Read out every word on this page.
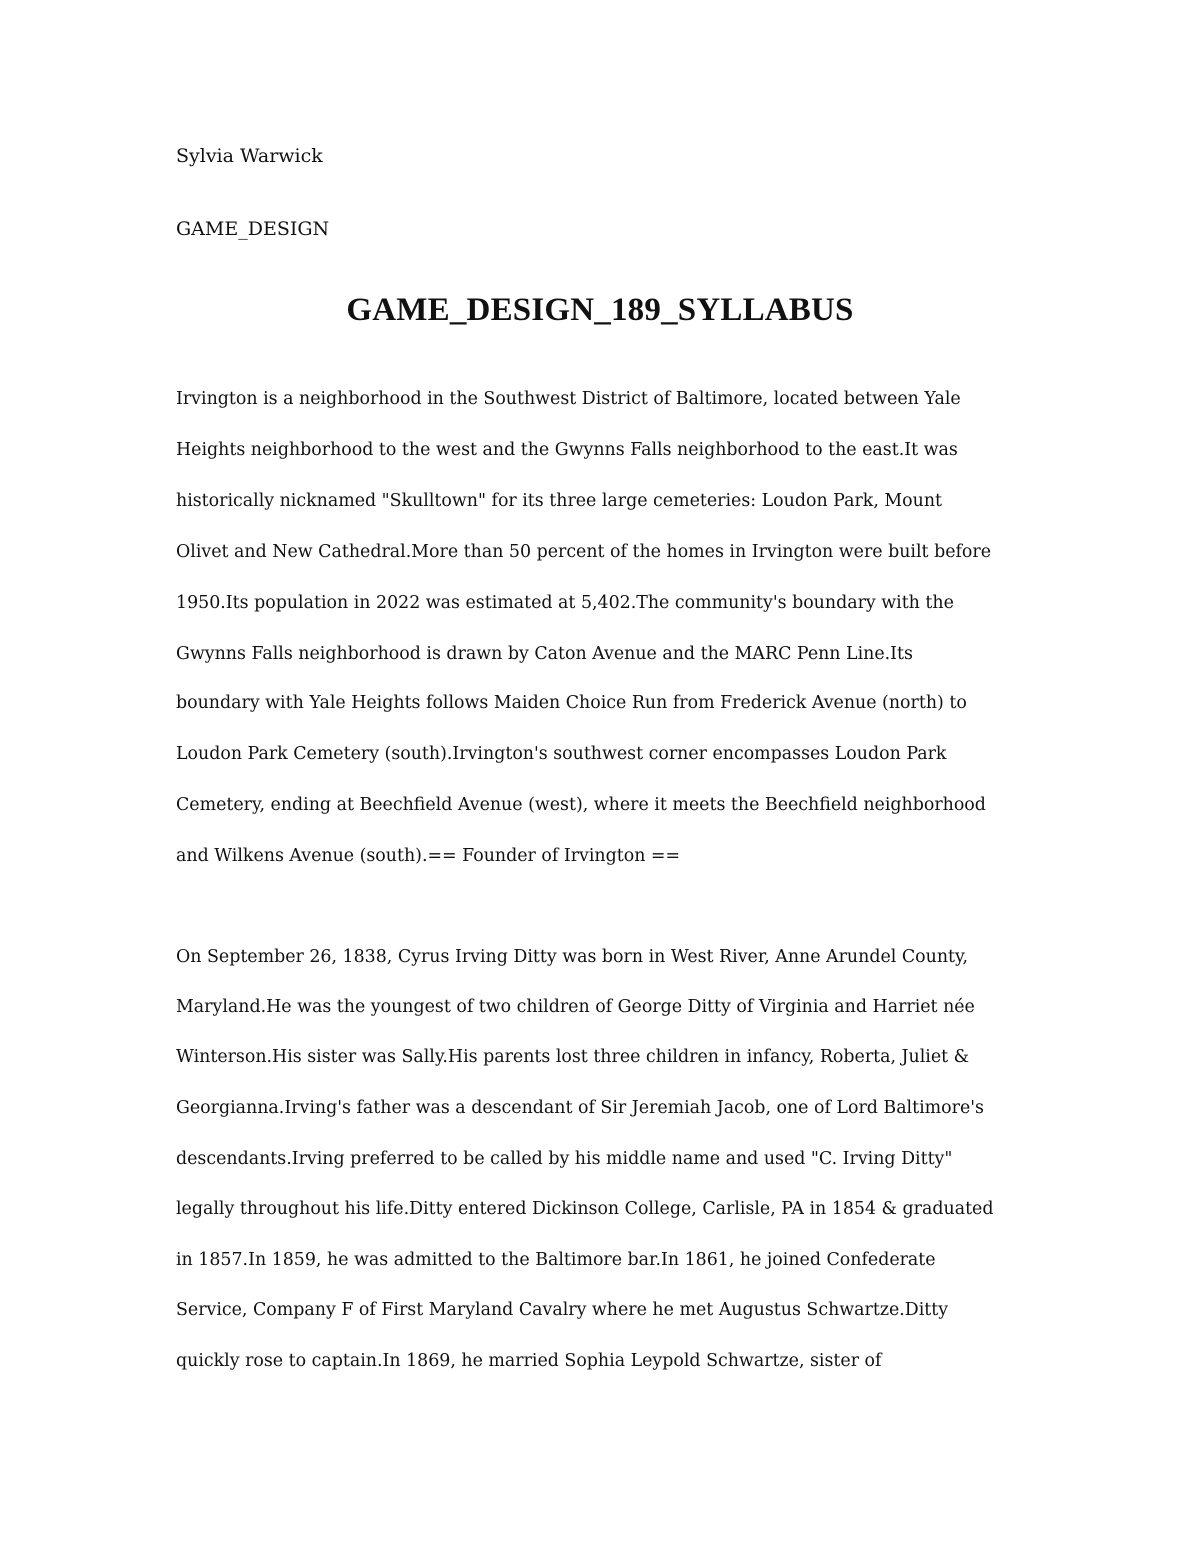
Sylvia Warwick
GAME_DESIGN
GAME_DESIGN_189_SYLLABUS
Irvington is a neighborhood in the Southwest District of Baltimore, located between Yale
Heights neighborhood to the west and the Gwynns Falls neighborhood to the east.It was
historically nicknamed "Skulltown" for its three large cemeteries: Loudon Park, Mount
Olivet and New Cathedral.More than 50 percent of the homes in Irvington were built before
1950.Its population in 2022 was estimated at 5,402.The community's boundary with the
Gwynns Falls neighborhood is drawn by Caton Avenue and the MARC Penn Line.Its
boundary with Yale Heights follows Maiden Choice Run from Frederick Avenue (north) to
Loudon Park Cemetery (south).Irvington's southwest corner encompasses Loudon Park
Cemetery, ending at Beechfield Avenue (west), where it meets the Beechfield neighborhood
and Wilkens Avenue (south).== Founder of Irvington ==
On September 26, 1838, Cyrus Irving Ditty was born in West River, Anne Arundel County,
Maryland.He was the youngest of two children of George Ditty of Virginia and Harriet née
Winterson.His sister was Sally.His parents lost three children in infancy, Roberta, Juliet &
Georgianna.Irving's father was a descendant of Sir Jeremiah Jacob, one of Lord Baltimore's
descendants.Irving preferred to be called by his middle name and used "C. Irving Ditty"
legally throughout his life.Ditty entered Dickinson College, Carlisle, PA in 1854 & graduated
in 1857.In 1859, he was admitted to the Baltimore bar.In 1861, he joined Confederate
Service, Company F of First Maryland Cavalry where he met Augustus Schwartze.Ditty
quickly rose to captain.In 1869, he married Sophia Leypold Schwartze, sister of
